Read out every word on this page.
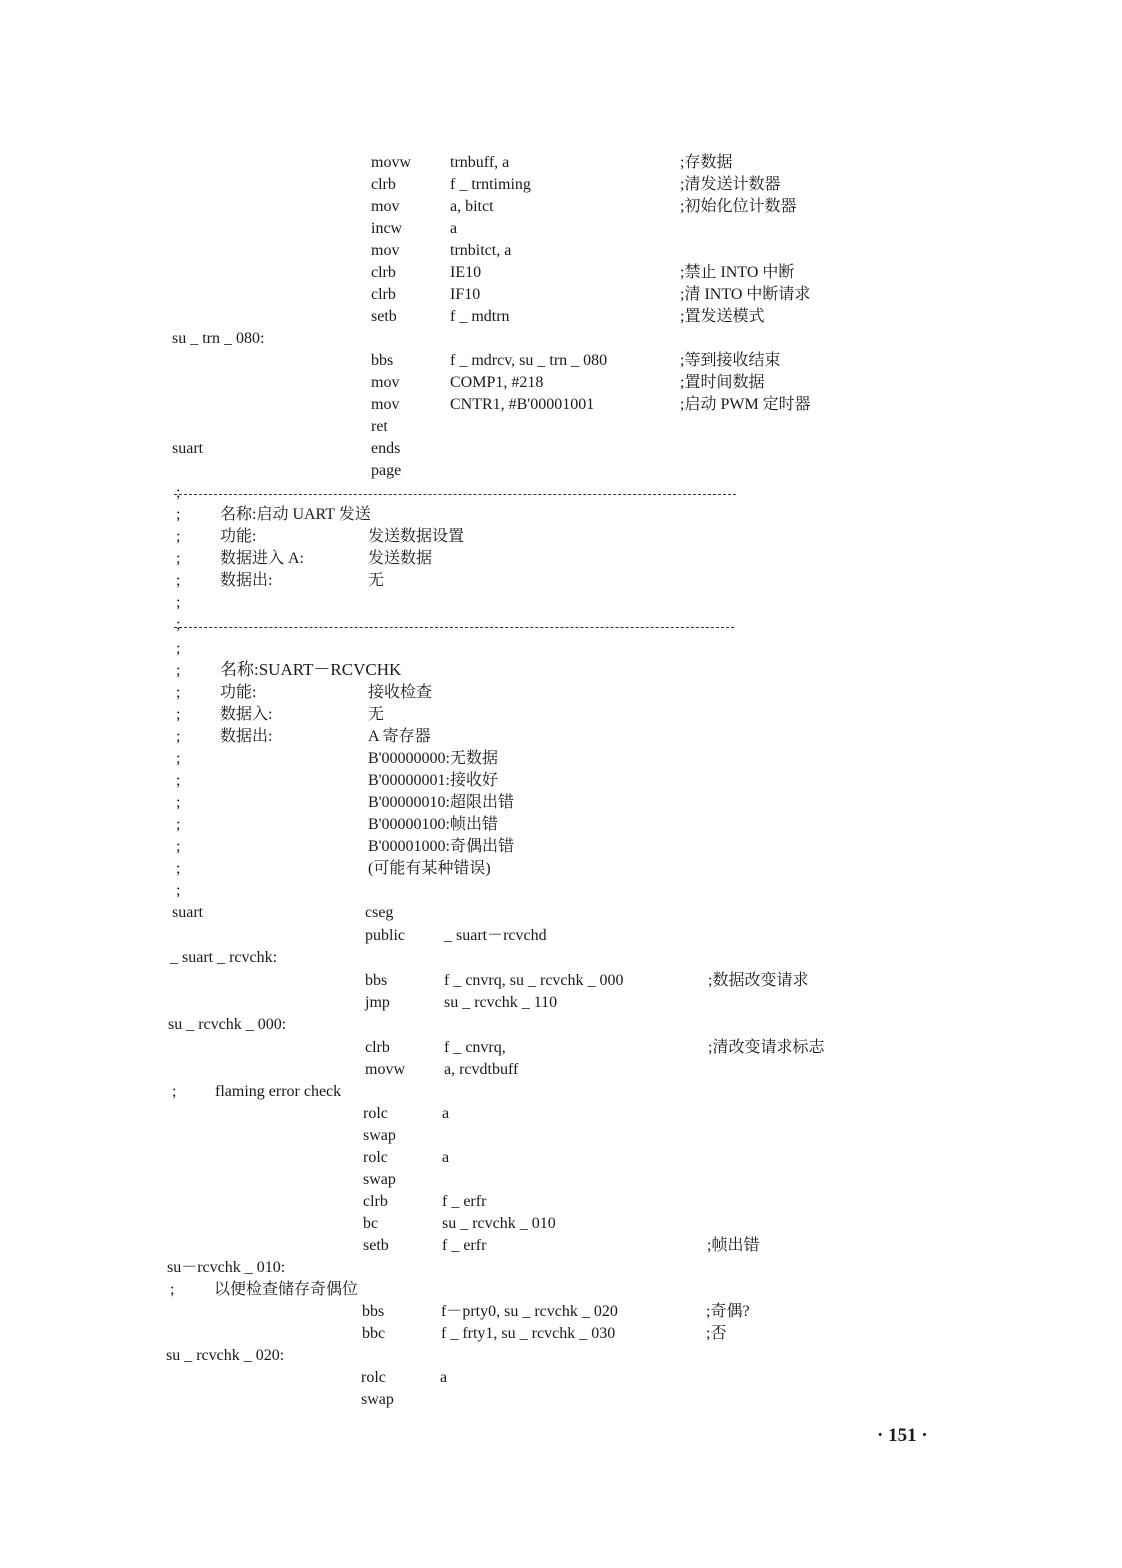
movw trnbuff, a	;存数据
clrb	f _ trntiming	;清发送计数器
mov	a, bitct	;初始化位计数器
incw	a
mov	trnbitct, a
clrb	IE10	;禁止 INTO 中断
clrb	IF10	;清 INTO 中断请求
setb	f _ mdtrn	;置发送模式
su _ trn _ 080:
bbs	f _ mdrcv, su _ trn _ 080	;等到接收结束
mov	COMP1, #218	;置时间数据
mov	CNTR1, #B'00001001	;启动 PWM 定时器
ret
suart	ends
page
;
; 名称:启动 UART 发送
; 功能:	发送数据设置
; 数据进入 A:	发送数据
; 数据出:	无
;
;
;
; 名称:SUART－RCVCHK
; 功能:	接收检查
; 数据入:	无
; 数据出:	A 寄存器
;	B'00000000:无数据
;	B'00000001:接收好
;	B'00000010:超限出错
;	B'00000100:帧出错
;	B'00001000:奇偶出错
;	(可能有某种错误)
;
suart	cseg
public _ suart－rcvchd
_ suart _ rcvchk:
bbs	f _ cnvrq, su _ rcvchk _ 000	;数据改变请求
jmp	su _ rcvchk _ 110
su _ rcvchk _ 000:
clrb	f _ cnvrq,	;清改变请求标志
movw a, rcvdtbuff
; flaming error check
rolc	a
swap
rolc	a
swap
clrb	f _ erfr
bc	su _ rcvchk _ 010
setb	f _ erfr	;帧出错
su－rcvchk _ 010:
; 以便检查储存奇偶位
bbs	f－prty0, su _ rcvchk _ 020	;奇偶?
bbc	f _ frty1, su _ rcvchk _ 030	;否
su _ rcvchk _ 020:
rolc	a
swap
· 151 ·
